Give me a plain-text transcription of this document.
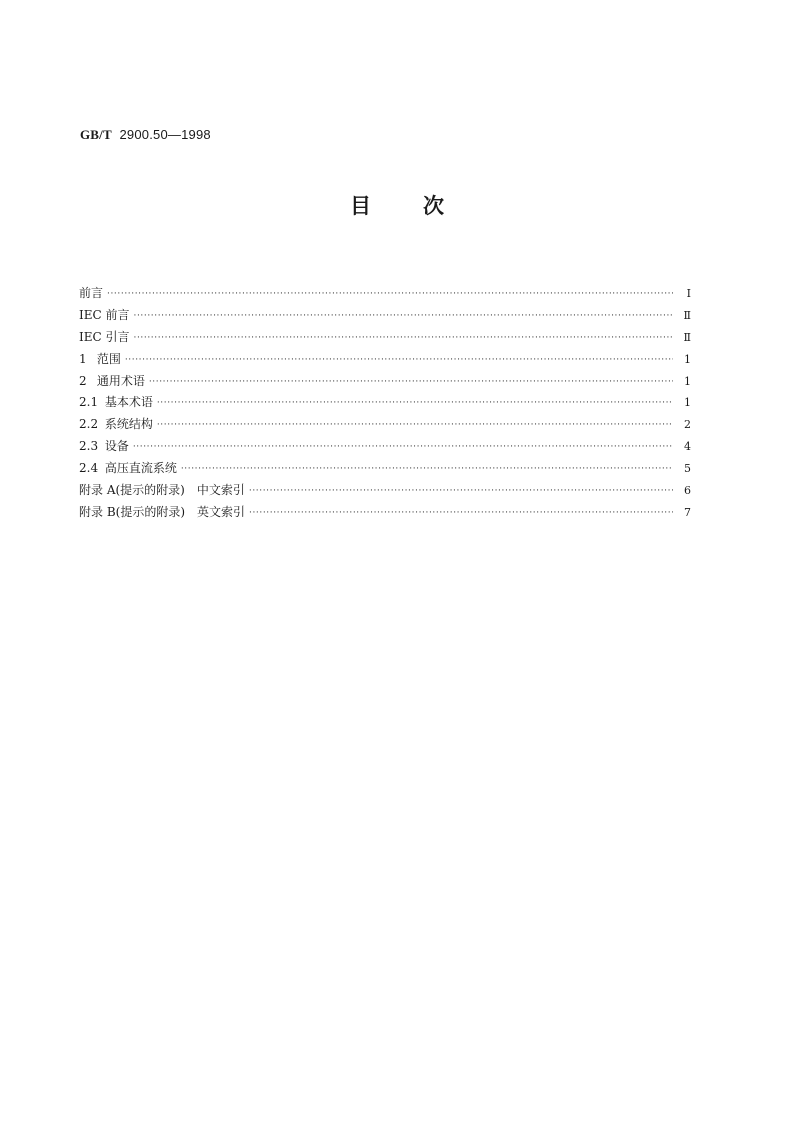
GB/T 2900.50—1998
目 次
前言 ·····	I
IEC 前言 ·····	Ⅱ
IEC 引言 ·····	Ⅱ
1 范围 ·····	1
2 通用术语 ·····	1
2.1 基本术语 ·····	1
2.2 系统结构 ·····	2
2.3 设备 ·····	4
2.4 高压直流系统 ·····	5
附录 A(提示的附录)　中文索引 ·····	6
附录 B(提示的附录)　英文索引 ·····	7
